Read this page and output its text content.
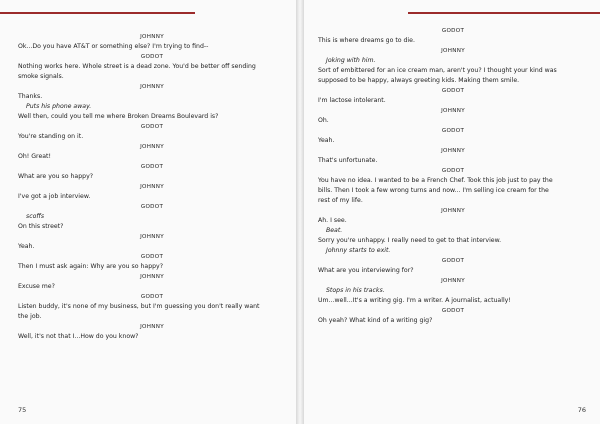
JOHNNY
Ok...Do you have AT&T or something else? I'm trying to find--
GODOT
Nothing works here. Whole street is a dead zone. You'd be better off sending
smoke signals.
JOHNNY
Thanks.
Puts his phone away.
Well then, could you tell me where Broken Dreams Boulevard is?
GODOT
You're standing on it.
JOHNNY
Oh! Great!
GODOT
What are you so happy?
JOHNNY
I've got a job interview.
GODOT
scoffs
On this street?
JOHNNY
Yeah.
GODOT
Then I must ask again: Why are you so happy?
JOHNNY
Excuse me?
GODOT
Listen buddy, it's none of my business, but I'm guessing you don't really want
the job.
JOHNNY
Well, it's not that I...How do you know?
75
GODOT
This is where dreams go to die.
JOHNNY
Joking with him.
Sort of embittered for an ice cream man, aren't you? I thought your kind was
supposed to be happy, always greeting kids. Making them smile.
GODOT
I'm lactose intolerant.
JOHNNY
Oh.
GODOT
Yeah.
JOHNNY
That's unfortunate.
GODOT
You have no idea. I wanted to be a French Chef. Took this job just to pay the
bills. Then I took a few wrong turns and now... I'm selling ice cream for the
rest of my life.
JOHNNY
Ah. I see.
Beat.
Sorry you're unhappy. I really need to get to that interview.
Johnny starts to exit.
GODOT
What are you interviewing for?
JOHNNY
Stops in his tracks.
Um...well...It's a writing gig. I'm a writer. A journalist, actually!
GODOT
Oh yeah? What kind of a writing gig?
76
